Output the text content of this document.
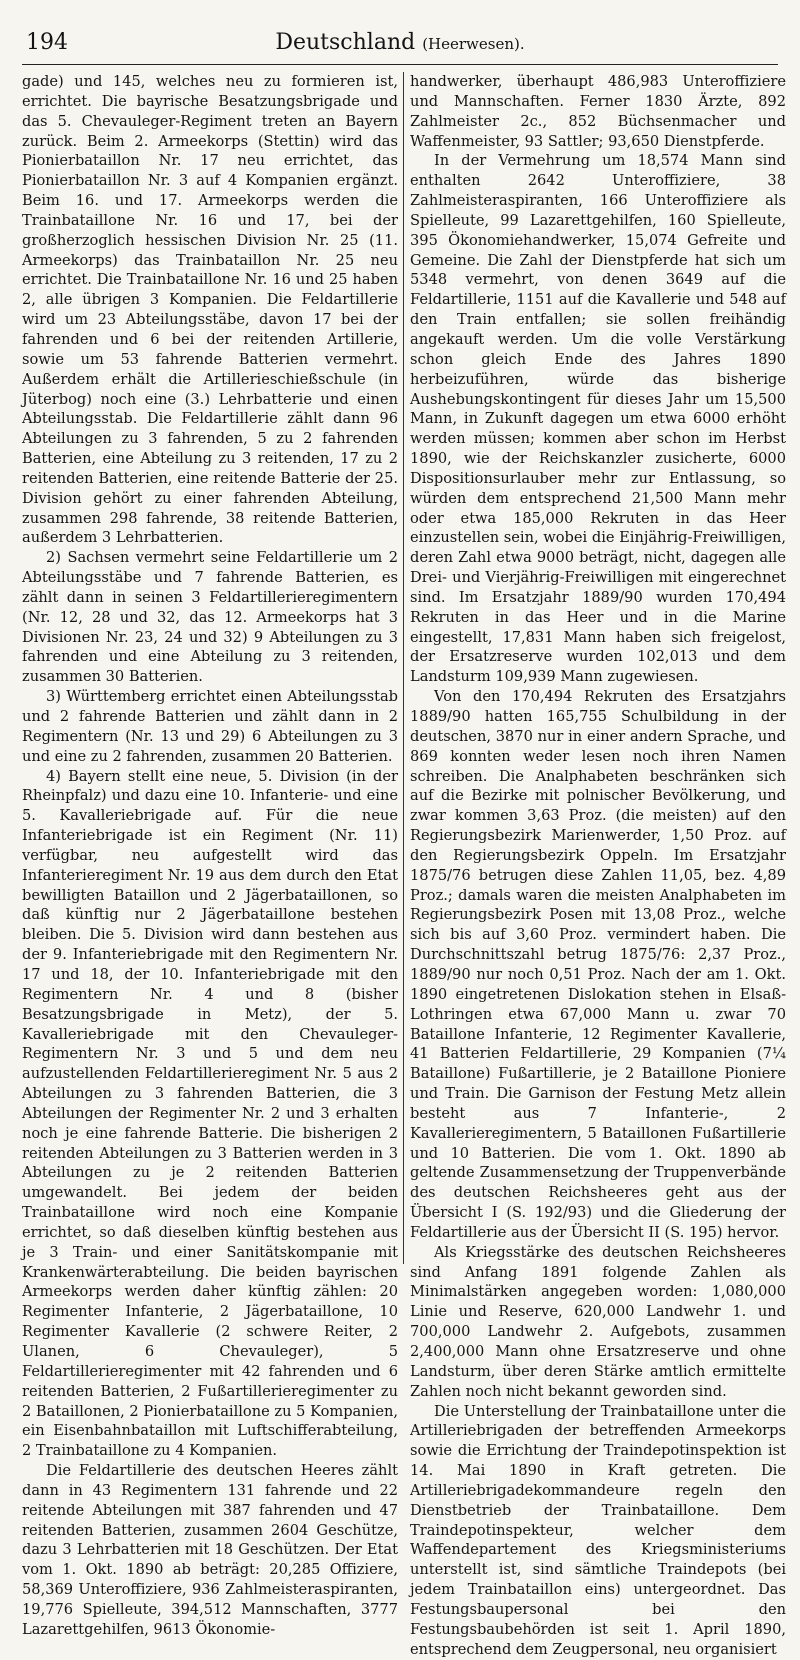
194	Deutschland (Heerwesen).

gade) und 145, welches neu zu formieren ist, errichtet. Die bayrische Besatzungsbrigade und das 5. Chevauleger-Regiment treten an Bayern zurück. Beim 2. Armeekorps (Stettin) wird das Pionierbataillon Nr. 17 neu errichtet, das Pionierbataillon Nr. 3 auf 4 Kompanien ergänzt. Beim 16. und 17. Armeekorps werden die Trainbataillone Nr. 16 und 17, bei der großherzoglich hessischen Division Nr. 25 (11. Armeekorps) das Trainbataillon Nr. 25 neu errichtet. Die Trainbataillone Nr. 16 und 25 haben 2, alle übrigen 3 Kompanien. Die Feldartillerie wird um 23 Abteilungsstäbe, davon 17 bei der fahrenden und 6 bei der reitenden Artillerie, sowie um 53 fahrende Batterien vermehrt. Außerdem erhält die Artillerieschießschule (in Jüterbog) noch eine (3.) Lehrbatterie und einen Abteilungsstab. Die Feldartillerie zählt dann 96 Abteilungen zu 3 fahrenden, 5 zu 2 fahrenden Batterien, eine Abteilung zu 3 reitenden, 17 zu 2 reitenden Batterien, eine reitende Batterie der 25. Division gehört zu einer fahrenden Abteilung, zusammen 298 fahrende, 38 reitende Batterien, außerdem 3 Lehrbatterien.

2) Sachsen vermehrt seine Feldartillerie um 2 Abteilungsstäbe und 7 fahrende Batterien, es zählt dann in seinen 3 Feldartillerieregimentern (Nr. 12, 28 und 32, das 12. Armeekorps hat 3 Divisionen Nr. 23, 24 und 32) 9 Abteilungen zu 3 fahrenden und eine Abteilung zu 3 reitenden, zusammen 30 Batterien.

3) Württemberg errichtet einen Abteilungsstab und 2 fahrende Batterien und zählt dann in 2 Regimentern (Nr. 13 und 29) 6 Abteilungen zu 3 und eine zu 2 fahrenden, zusammen 20 Batterien.

4) Bayern stellt eine neue, 5. Division (in der Rheinpfalz) und dazu eine 10. Infanterie- und eine 5. Kavalleriebrigade auf. Für die neue Infanteriebrigade ist ein Regiment (Nr. 11) verfügbar, neu aufgestellt wird das Infanterieregiment Nr. 19 aus dem durch den Etat bewilligten Bataillon und 2 Jägerbataillonen, so daß künftig nur 2 Jägerbataillone bestehen bleiben. Die 5. Division wird dann bestehen aus der 9. Infanteriebrigade mit den Regimentern Nr. 17 und 18, der 10. Infanteriebrigade mit den Regimentern Nr. 4 und 8 (bisher Besatzungsbrigade in Metz), der 5. Kavalleriebrigade mit den Chevauleger-Regimentern Nr. 3 und 5 und dem neu aufzustellenden Feldartillerieregiment Nr. 5 aus 2 Abteilungen zu 3 fahrenden Batterien, die 3 Abteilungen der Regimenter Nr. 2 und 3 erhalten noch je eine fahrende Batterie. Die bisherigen 2 reitenden Abteilungen zu 3 Batterien werden in 3 Abteilungen zu je 2 reitenden Batterien umgewandelt. Bei jedem der beiden Trainbataillone wird noch eine Kompanie errichtet, so daß dieselben künftig bestehen aus je 3 Train- und einer Sanitätskompanie mit Krankenwärterabteilung. Die beiden bayrischen Armeekorps werden daher künftig zählen: 20 Regimenter Infanterie, 2 Jägerbataillone, 10 Regimenter Kavallerie (2 schwere Reiter, 2 Ulanen, 6 Chevauleger), 5 Feldartillerieregimenter mit 42 fahrenden und 6 reitenden Batterien, 2 Fußartillerieregimenter zu 2 Bataillonen, 2 Pionierbataillone zu 5 Kompanien, ein Eisenbahnbataillon mit Luftschifferabteilung, 2 Trainbataillone zu 4 Kompanien.

Die Feldartillerie des deutschen Heeres zählt dann in 43 Regimentern 131 fahrende und 22 reitende Abteilungen mit 387 fahrenden und 47 reitenden Batterien, zusammen 2604 Geschütze, dazu 3 Lehrbatterien mit 18 Geschützen. Der Etat vom 1. Okt. 1890 ab beträgt: 20,285 Offiziere, 58,369 Unteroffiziere, 936 Zahlmeisteraspiranten, 19,776 Spielleute, 394,512 Mannschaften, 3777 Lazarettgehilfen, 9613 Ökonomie-

handwerker, überhaupt 486,983 Unteroffiziere und Mannschaften. Ferner 1830 Ärzte, 892 Zahlmeister 2c., 852 Büchsenmacher und Waffenmeister, 93 Sattler; 93,650 Dienstpferde.

In der Vermehrung um 18,574 Mann sind enthalten 2642 Unteroffiziere, 38 Zahlmeisteraspiranten, 166 Unteroffiziere als Spielleute, 99 Lazarettgehilfen, 160 Spielleute, 395 Ökonomiehandwerker, 15,074 Gefreite und Gemeine. Die Zahl der Dienstpferde hat sich um 5348 vermehrt, von denen 3649 auf die Feldartillerie, 1151 auf die Kavallerie und 548 auf den Train entfallen; sie sollen freihändig angekauft werden. Um die volle Verstärkung schon gleich Ende des Jahres 1890 herbeizuführen, würde das bisherige Aushebungskontingent für dieses Jahr um 15,500 Mann, in Zukunft dagegen um etwa 6000 erhöht werden müssen; kommen aber schon im Herbst 1890, wie der Reichskanzler zusicherte, 6000 Dispositionsurlauber mehr zur Entlassung, so würden dem entsprechend 21,500 Mann mehr oder etwa 185,000 Rekruten in das Heer einzustellen sein, wobei die Einjährig-Freiwilligen, deren Zahl etwa 9000 beträgt, nicht, dagegen alle Drei- und Vierjährig-Freiwilligen mit eingerechnet sind. Im Ersatzjahr 1889/90 wurden 170,494 Rekruten in das Heer und in die Marine eingestellt, 17,831 Mann haben sich freigelost, der Ersatzreserve wurden 102,013 und dem Landsturm 109,939 Mann zugewiesen.

Von den 170,494 Rekruten des Ersatzjahrs 1889/90 hatten 165,755 Schulbildung in der deutschen, 3870 nur in einer andern Sprache, und 869 konnten weder lesen noch ihren Namen schreiben. Die Analphabeten beschränken sich auf die Bezirke mit polnischer Bevölkerung, und zwar kommen 3,63 Proz. (die meisten) auf den Regierungsbezirk Marienwerder, 1,50 Proz. auf den Regierungsbezirk Oppeln. Im Ersatzjahr 1875/76 betrugen diese Zahlen 11,05, bez. 4,89 Proz.; damals waren die meisten Analphabeten im Regierungsbezirk Posen mit 13,08 Proz., welche sich bis auf 3,60 Proz. vermindert haben. Die Durchschnittszahl betrug 1875/76: 2,37 Proz., 1889/90 nur noch 0,51 Proz. Nach der am 1. Okt. 1890 eingetretenen Dislokation stehen in Elsaß-Lothringen etwa 67,000 Mann u. zwar 70 Bataillone Infanterie, 12 Regimenter Kavallerie, 41 Batterien Feldartillerie, 29 Kompanien (7¼ Bataillone) Fußartillerie, je 2 Bataillone Pioniere und Train. Die Garnison der Festung Metz allein besteht aus 7 Infanterie-, 2 Kavallerieregimentern, 5 Bataillonen Fußartillerie und 10 Batterien. Die vom 1. Okt. 1890 ab geltende Zusammensetzung der Truppenverbände des deutschen Reichsheeres geht aus der Übersicht I (S. 192/93) und die Gliederung der Feldartillerie aus der Übersicht II (S. 195) hervor.

Als Kriegsstärke des deutschen Reichsheeres sind Anfang 1891 folgende Zahlen als Minimalstärken angegeben worden: 1,080,000 Linie und Reserve, 620,000 Landwehr 1. und 700,000 Landwehr 2. Aufgebots, zusammen 2,400,000 Mann ohne Ersatzreserve und ohne Landsturm, über deren Stärke amtlich ermittelte Zahlen noch nicht bekannt geworden sind.

Die Unterstellung der Trainbataillone unter die Artilleriebrigaden der betreffenden Armeekorps sowie die Errichtung der Traindepotinspektion ist 14. Mai 1890 in Kraft getreten. Die Artilleriebrigadekommandeure regeln den Dienstbetrieb der Trainbataillone. Dem Traindepotinspekteur, welcher dem Waffendepartement des Kriegsministeriums unterstellt ist, sind sämtliche Traindepots (bei jedem Trainbataillon eins) untergeordnet. Das Festungsbaupersonal bei den Festungsbaubehörden ist seit 1. April 1890, entsprechend dem Zeugpersonal, neu organisiert
